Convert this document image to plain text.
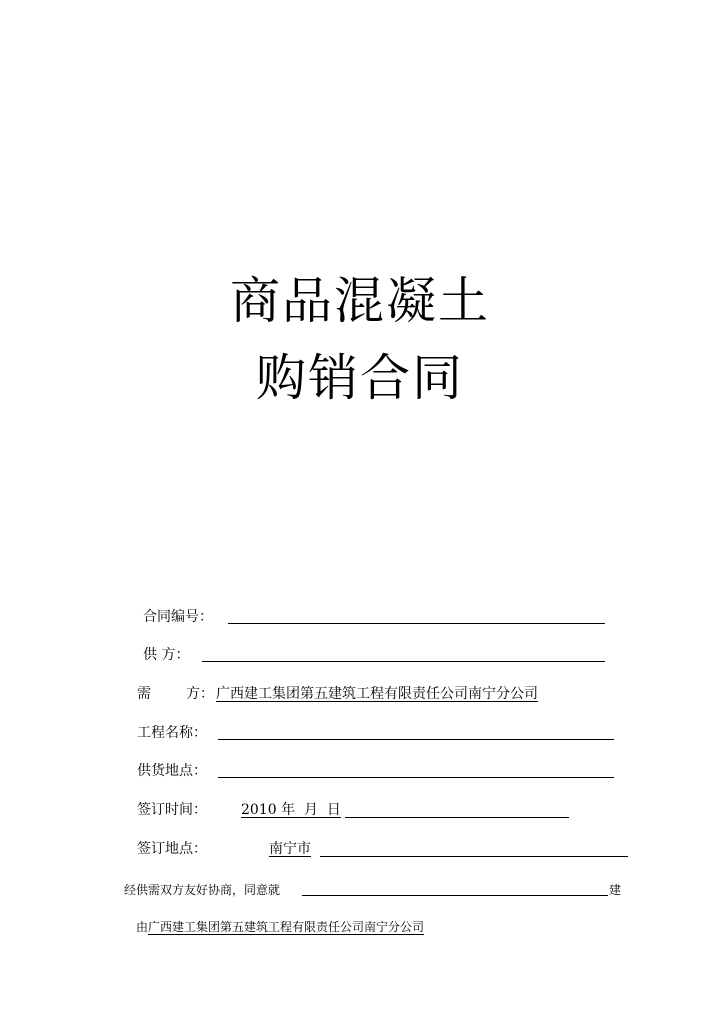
商品混凝土
购销合同
合同编号：
供 方：
需	方： 广西建工集团第五建筑工程有限责任公司南宁分公司
工程名称：
供货地点：
签订时间： 2010 年  月  日
签订地点：	南宁市
经供需双方友好协商，同意就	建
由 广西建工集团第五建筑工程有限责任公司南宁分公司
